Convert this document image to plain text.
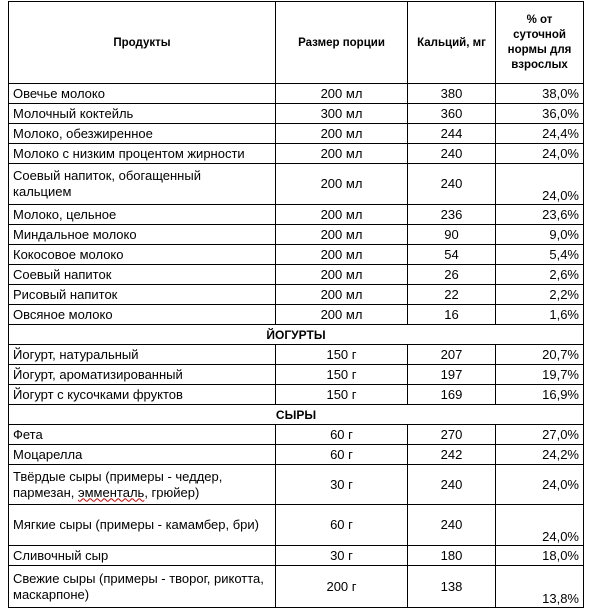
Продукты	Размер порции	Кальций, мг	% от суточной нормы для взрослых
Овечье молоко	200 мл	380	38,0%
Молочный коктейль	300 мл	360	36,0%
Молоко, обезжиренное	200 мл	244	24,4%
Молоко с низким процентом жирности	200 мл	240	24,0%
Соевый напиток, обогащенный кальцием	200 мл	240	24,0%
Молоко, цельное	200 мл	236	23,6%
Миндальное молоко	200 мл	90	9,0%
Кокосовое молоко	200 мл	54	5,4%
Соевый напиток	200 мл	26	2,6%
Рисовый напиток	200 мл	22	2,2%
Овсяное молоко	200 мл	16	1,6%
ЙОГУРТЫ			
Йогурт, натуральный	150 г	207	20,7%
Йогурт, ароматизированный	150 г	197	19,7%
Йогурт с кусочками фруктов	150 г	169	16,9%
СЫРЫ			
Фета	60 г	270	27,0%
Моцарелла	60 г	242	24,2%
Твёрдые сыры (примеры - чеддер, пармезан, эмменталь, грюйер)	30 г	240	24,0%
Мягкие сыры (примеры - камамбер, бри)	60 г	240	24,0%
Сливочный сыр	30 г	180	18,0%
Свежие сыры (примеры - творог, рикотта, маскарпоне)	200 г	138	13,8%
